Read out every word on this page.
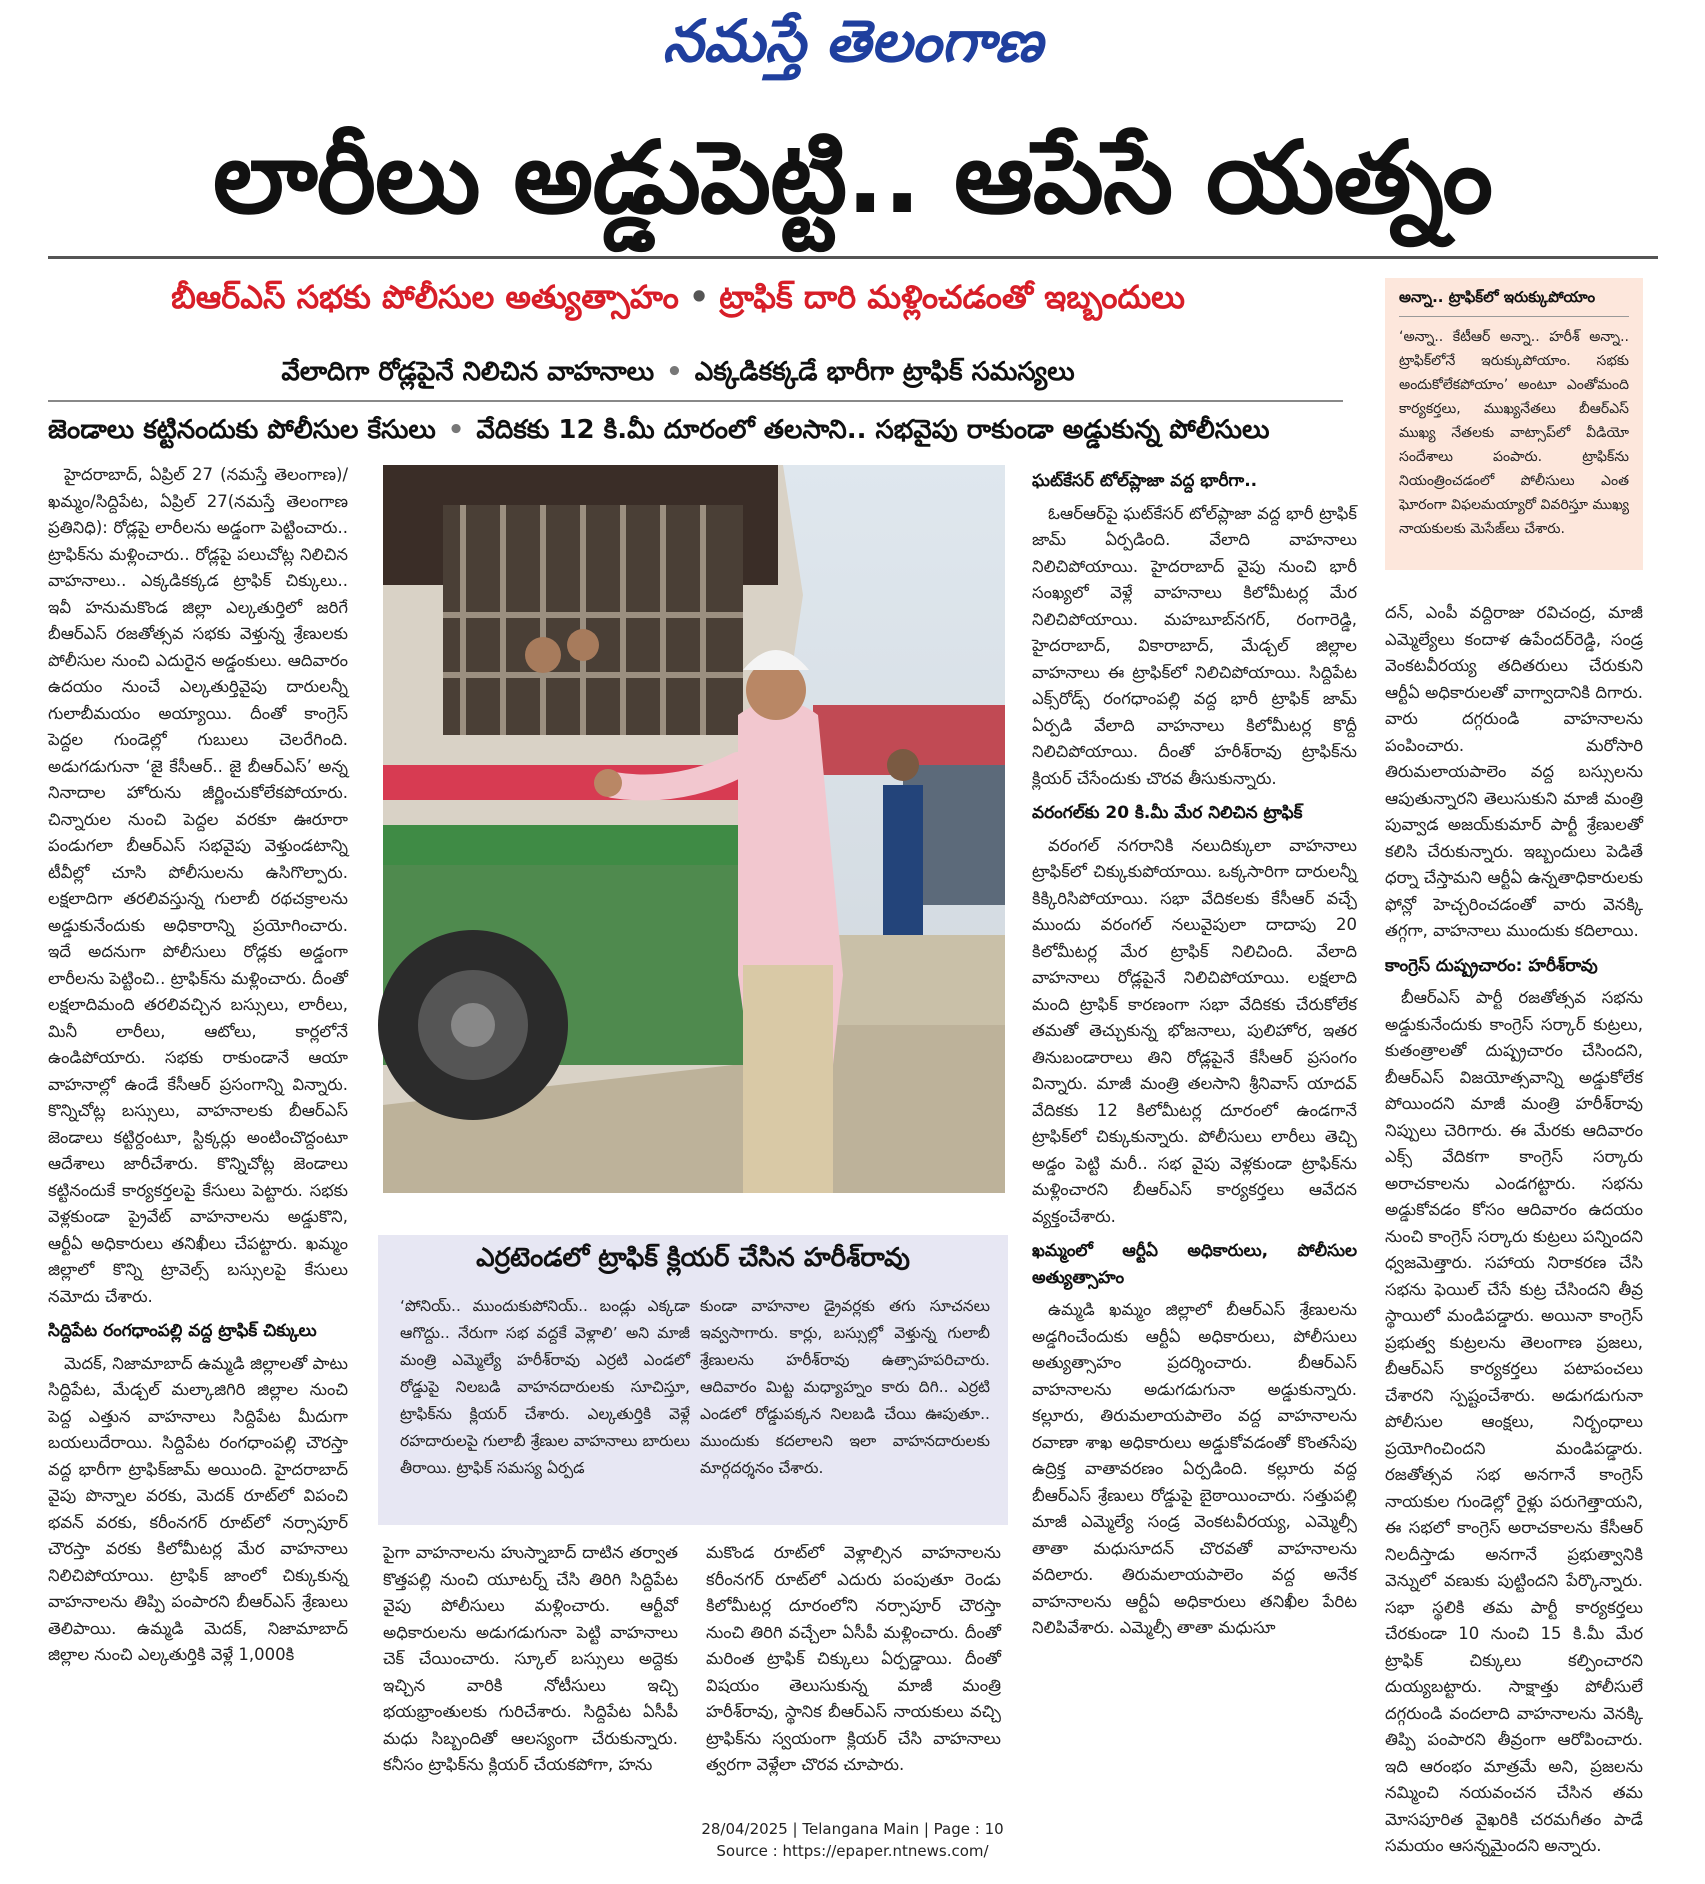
నమస్తే తెలంగాణ
లారీలు అడ్డుపెట్టి.. ఆపేసే యత్నం
బీఆర్ఎస్ సభకు పోలీసుల అత్యుత్సాహం • ట్రాఫిక్ దారి మళ్లించడంతో ఇబ్బందులు
వేలాదిగా రోడ్లపైనే నిలిచిన వాహనాలు • ఎక్కడికక్కడే భారీగా ట్రాఫిక్ సమస్యలు
జెండాలు కట్టినందుకు పోలీసుల కేసులు • వేదికకు 12 కి.మీ దూరంలో తలసాని.. సభవైపు రాకుండా అడ్డుకున్న పోలీసులు
అన్నా.. ట్రాఫిక్‌లో ఇరుక్కుపోయాం

‘అన్నా.. కేటీఆర్ అన్నా.. హరీశ్ అన్నా.. ట్రాఫిక్‌లోనే ఇరుక్కుపోయాం. సభకు అందుకోలేకపోయాం’ అంటూ ఎంతోమంది కార్యకర్తలు, ముఖ్యనేతలు బీఆర్ఎస్ ముఖ్య నేతలకు వాట్సాప్‌లో వీడియో సందేశాలు పంపారు. ట్రాఫిక్‌ను నియంత్రించడంలో పోలీసులు ఎంత ఘోరంగా విఫలమయ్యారో వివరిస్తూ ముఖ్య నాయకులకు మెసేజ్‌లు చేశారు.

హైదరాబాద్, ఏప్రిల్ 27 (నమస్తే తెలంగాణ)/ఖమ్మం/సిద్దిపేట, ఏప్రిల్ 27(నమస్తే తెలంగాణ ప్రతినిధి): రోడ్లపై లారీలను అడ్డంగా పెట్టించారు.. ట్రాఫిక్‌ను మళ్లించారు.. రోడ్లపై పలుచోట్ల నిలిచిన వాహనాలు.. ఎక్కడికక్కడ ట్రాఫిక్ చిక్కులు.. ఇవీ హనుమకొండ జిల్లా ఎల్కతుర్తిలో జరిగే బీఆర్ఎస్ రజతోత్సవ సభకు వెళ్తున్న శ్రేణులకు పోలీసుల నుంచి ఎదురైన అడ్డంకులు. ఆదివారం ఉదయం నుంచే ఎల్కతుర్తివైపు దారులన్నీ గులాబీమయం అయ్యాయి. దీంతో కాంగ్రెస్ పెద్దల గుండెల్లో గుబులు చెలరేగింది. అడుగడుగునా ‘జై కేసీఆర్.. జై బీఆర్ఎస్’ అన్న నినాదాల హోరును జీర్ణించుకోలేకపోయారు. చిన్నారుల నుంచి పెద్దల వరకూ ఊరూరా పండుగలా బీఆర్ఎస్ సభవైపు వెళ్తుండటాన్ని టీవీల్లో చూసి పోలీసులను ఉసిగొల్పారు. లక్షలాదిగా తరలివస్తున్న గులాబీ రథచక్రాలను అడ్డుకునేందుకు అధికారాన్ని ప్రయోగించారు. ఇదే అదనుగా పోలీసులు రోడ్లకు అడ్డంగా లారీలను పెట్టించి.. ట్రాఫిక్‌ను మళ్లించారు. దీంతో లక్షలాదిమంది తరలివచ్చిన బస్సులు, లారీలు, మినీ లారీలు, ఆటోలు, కార్లలోనే ఉండిపోయారు. సభకు రాకుండానే ఆయా వాహనాల్లో ఉండే కేసీఆర్ ప్రసంగాన్ని విన్నారు. కొన్నిచోట్ల బస్సులు, వాహనాలకు బీఆర్ఎస్ జెండాలు కట్టిర్దంటూ, స్టిక్కర్లు అంటించొద్దంటూ ఆదేశాలు జారీచేశారు. కొన్నిచోట్ల జెండాలు కట్టినందుకే కార్యకర్తలపై కేసులు పెట్టారు. సభకు వెళ్లకుండా ప్రైవేట్ వాహనాలను అడ్డుకొని, ఆర్టీఏ అధికారులు తనిఖీలు చేపట్టారు. ఖమ్మం జిల్లాలో కొన్ని ట్రావెల్స్ బస్సులపై కేసులు నమోదు చేశారు.

సిద్దిపేట రంగధాంపల్లి వద్ద ట్రాఫిక్ చిక్కులు

మెదక్, నిజామాబాద్ ఉమ్మడి జిల్లాలతో పాటు సిద్దిపేట, మేడ్చల్ మల్కాజిగిరి జిల్లాల నుంచి పెద్ద ఎత్తున వాహనాలు సిద్దిపేట మీదుగా బయలుదేరాయి. సిద్దిపేట రంగధాంపల్లి చౌరస్తా వద్ద భారీగా ట్రాఫిక్‌జామ్ అయింది. హైదరాబాద్ వైపు పొన్నాల వరకు, మెదక్ రూట్‌లో విపంచి భవన్ వరకు, కరీంనగర్ రూట్‌లో నర్సాపూర్ చౌరస్తా వరకు కిలోమీటర్ల మేర వాహనాలు నిలిచిపోయాయి. ట్రాఫిక్ జాంలో చిక్కుకున్న వాహనాలను తిప్పి పంపారని బీఆర్ఎస్ శ్రేణులు తెలిపాయి. ఉమ్మడి మెదక్, నిజామాబాద్ జిల్లాల నుంచి ఎల్కతుర్తికి వెళ్లే 1,000కి

ఎర్రటెండలో ట్రాఫిక్ క్లియర్ చేసిన హరీశ్‌రావు
‘పోనియ్.. ముందుకుపోనియ్.. బండ్లు ఎక్కడా ఆగొద్దు.. నేరుగా సభ వద్దకే వెళ్లాలి’ అని మాజీ మంత్రి ఎమ్మెల్యే హరీశ్‌రావు ఎర్రటి ఎండలో రోడ్డుపై నిలబడి వాహనదారులకు సూచిస్తూ, ట్రాఫిక్‌ను క్లియర్ చేశారు. ఎల్కతుర్తికి వెళ్లే రహదారులపై గులాబీ శ్రేణుల వాహనాలు బారులు తీరాయి. ట్రాఫిక్ సమస్య ఏర్పడ
కుండా వాహనాల డ్రైవర్లకు తగు సూచనలు ఇవ్వసాగారు. కార్లు, బస్సుల్లో వెళ్తున్న గులాబీ శ్రేణులను హరీశ్‌రావు ఉత్సాహపరిచారు. ఆదివారం మిట్ట మధ్యాహ్నం కారు దిగి.. ఎర్రటి ఎండలో రోడ్డుపక్కన నిలబడి చేయి ఊపుతూ.. ముందుకు కదలాలని ఇలా వాహనదారులకు మార్గదర్శనం చేశారు.

పైగా వాహనాలను హుస్నాబాద్ దాటిన తర్వాత కొత్తపల్లి నుంచి యూటర్న్ చేసి తిరిగి సిద్దిపేట వైపు పోలీసులు మళ్లించారు. ఆర్టీవో అధికారులను అడుగడుగునా పెట్టి వాహనాలు చెక్ చేయించారు. స్కూల్ బస్సులు అద్దెకు ఇచ్చిన వారికి నోటీసులు ఇచ్చి భయభ్రాంతులకు గురిచేశారు. సిద్దిపేట ఏసీపీ మధు సిబ్బందితో ఆలస్యంగా చేరుకున్నారు. కనీసం ట్రాఫిక్‌ను క్లియర్ చేయకపోగా, హను

మకొండ రూట్‌లో వెళ్లాల్సిన వాహనాలను కరీంనగర్ రూట్‌లో ఎదురు పంపుతూ రెండు కిలోమీటర్ల దూరంలోని నర్సాపూర్ చౌరస్తా నుంచి తిరిగి వచ్చేలా ఏసీపీ మళ్లించారు. దీంతో మరింత ట్రాఫిక్ చిక్కులు ఏర్పడ్డాయి. దీంతో విషయం తెలుసుకున్న మాజీ మంత్రి హరీశ్‌రావు, స్థానిక బీఆర్ఎస్ నాయకులు వచ్చి ట్రాఫిక్‌ను స్వయంగా క్లియర్ చేసి వాహనాలు త్వరగా వెళ్లేలా చొరవ చూపారు.

ఘట్‌కేసర్ టోల్‌ప్లాజా వద్ద భారీగా..

ఓఆర్ఆర్‌పై ఘట్‌కేసర్ టోల్‌ప్లాజా వద్ద భారీ ట్రాఫిక్ జామ్ ఏర్పడింది. వేలాది వాహనాలు నిలిచిపోయాయి. హైదరాబాద్ వైపు నుంచి భారీ సంఖ్యలో వెళ్లే వాహనాలు కిలోమీటర్ల మేర నిలిచిపోయాయి. మహబూబ్‌నగర్, రంగారెడ్డి, హైదరాబాద్, వికారాబాద్, మేడ్చల్ జిల్లాల వాహనాలు ఈ ట్రాఫిక్‌లో నిలిచిపోయాయి. సిద్దిపేట ఎక్స్‌రోడ్స్ రంగధాంపల్లి వద్ద భారీ ట్రాఫిక్ జామ్ ఏర్పడి వేలాది వాహనాలు కిలోమీటర్ల కొద్దీ నిలిచిపోయాయి. దీంతో హరీశ్‌రావు ట్రాఫిక్‌ను క్లియర్ చేసేందుకు చొరవ తీసుకున్నారు.

వరంగల్‌కు 20 కి.మీ మేర నిలిచిన ట్రాఫిక్

వరంగల్ నగరానికి నలుదిక్కులా వాహనాలు ట్రాఫిక్‌లో చిక్కుకుపోయాయి. ఒక్కసారిగా దారులన్నీ కిక్కిరిసిపోయాయి. సభా వేదికలకు కేసీఆర్ వచ్చే ముందు వరంగల్ నలువైపులా దాదాపు 20 కిలోమీటర్ల మేర ట్రాఫిక్ నిలిచింది. వేలాది వాహనాలు రోడ్లపైనే నిలిచిపోయాయి. లక్షలాది మంది ట్రాఫిక్ కారణంగా సభా వేదికకు చేరుకోలేక తమతో తెచ్చుకున్న భోజనాలు, పులిహోర, ఇతర తినుబండారాలు తిని రోడ్లపైనే కేసీఆర్ ప్రసంగం విన్నారు. మాజీ మంత్రి తలసాని శ్రీనివాస్ యాదవ్ వేదికకు 12 కిలోమీటర్ల దూరంలో ఉండగానే ట్రాఫిక్‌లో చిక్కుకున్నారు. పోలీసులు లారీలు తెచ్చి అడ్డం పెట్టి మరీ.. సభ వైపు వెళ్లకుండా ట్రాఫిక్‌ను మళ్లించారని బీఆర్ఎస్ కార్యకర్తలు ఆవేదన వ్యక్తంచేశారు.

ఖమ్మంలో ఆర్టీఏ అధికారులు, పోలీసుల అత్యుత్సాహం

ఉమ్మడి ఖమ్మం జిల్లాలో బీఆర్ఎస్ శ్రేణులను అడ్డగించేందుకు ఆర్టీఏ అధికారులు, పోలీసులు అత్యుత్సాహం ప్రదర్శించారు. బీఆర్ఎస్ వాహనాలను అడుగడుగునా అడ్డుకున్నారు. కల్లూరు, తిరుమలాయపాలెం వద్ద వాహనాలను రవాణా శాఖ అధికారులు అడ్డుకోవడంతో కొంతసేపు ఉద్రిక్త వాతావరణం ఏర్పడింది. కల్లూరు వద్ద బీఆర్ఎస్ శ్రేణులు రోడ్డుపై బైఠాయించారు. సత్తుపల్లి మాజీ ఎమ్మెల్యే సండ్ర వెంకటవీరయ్య, ఎమ్మెల్సీ తాతా మధుసూదన్ చొరవతో వాహనాలను వదిలారు. తిరుమలాయపాలెం వద్ద అనేక వాహనాలను ఆర్టీఏ అధికారులు తనిఖీల పేరిట నిలిపివేశారు. ఎమ్మెల్సీ తాతా మధుసూ

దన్, ఎంపీ వద్దిరాజు రవిచంద్ర, మాజీ ఎమ్మెల్యేలు కందాళ ఉపేందర్‌రెడ్డి, సండ్ర వెంకటవీరయ్య తదితరులు చేరుకుని ఆర్టీఏ అధికారులతో వాగ్వాదానికి దిగారు. వారు దగ్గరుండి వాహనాలను పంపించారు. మరోసారి తిరుమలాయపాలెం వద్ద బస్సులను ఆపుతున్నారని తెలుసుకుని మాజీ మంత్రి పువ్వాడ అజయ్‌కుమార్ పార్టీ శ్రేణులతో కలిసి చేరుకున్నారు. ఇబ్బందులు పెడితే ధర్నా చేస్తామని ఆర్టీఏ ఉన్నతాధికారులకు ఫోన్లో హెచ్చరించడంతో వారు వెనక్కి తగ్గగా, వాహనాలు ముందుకు కదిలాయి.

కాంగ్రెస్ దుష్ప్రచారం: హరీశ్‌రావు

బీఆర్ఎస్ పార్టీ రజతోత్సవ సభను అడ్డుకునేందుకు కాంగ్రెస్ సర్కార్ కుట్రలు, కుతంత్రాలతో దుష్ప్రచారం చేసిందని, బీఆర్ఎస్ విజయోత్సవాన్ని అడ్డుకోలేక పోయిందని మాజీ మంత్రి హరీశ్‌రావు నిప్పులు చెరిగారు. ఈ మేరకు ఆదివారం ఎక్స్ వేదికగా కాంగ్రెస్ సర్కారు అరాచకాలను ఎండగట్టారు. సభను అడ్డుకోవడం కోసం ఆదివారం ఉదయం నుంచి కాంగ్రెస్ సర్కారు కుట్రలు పన్నిందని ధ్వజమెత్తారు. సహాయ నిరాకరణ చేసి సభను ఫెయిల్ చేసే కుట్ర చేసిందని తీవ్ర స్థాయిలో మండిపడ్డారు. అయినా కాంగ్రెస్ ప్రభుత్వ కుట్రలను తెలంగాణ ప్రజలు, బీఆర్ఎస్ కార్యకర్తలు పటాపంచలు చేశారని స్పష్టంచేశారు. అడుగడుగునా పోలీసుల ఆంక్షలు, నిర్బంధాలు ప్రయోగించిందని మండిపడ్డారు. రజతోత్సవ సభ అనగానే కాంగ్రెస్ నాయకుల గుండెల్లో రైళ్లు పరుగెత్తాయని, ఈ సభలో కాంగ్రెస్ అరాచకాలను కేసీఆర్ నిలదీస్తాడు అనగానే ప్రభుత్వానికి వెన్నులో వణుకు పుట్టిందని పేర్కొన్నారు. సభా స్థలికి తమ పార్టీ కార్యకర్తలు చేరకుండా 10 నుంచి 15 కి.మీ మేర ట్రాఫిక్ చిక్కులు కల్పించారని దుయ్యబట్టారు. సాక్షాత్తు పోలీసులే దగ్గరుండి వందలాది వాహనాలను వెనక్కి తిప్పి పంపారని తీవ్రంగా ఆరోపించారు. ఇది ఆరంభం మాత్రమే అని, ప్రజలను నమ్మించి నయవంచన చేసిన తమ మోసపూరిత వైఖరికి చరమగీతం పాడే సమయం ఆసన్నమైందని అన్నారు.

28/04/2025 | Telangana Main | Page : 10
Source : https://epaper.ntnews.com/
